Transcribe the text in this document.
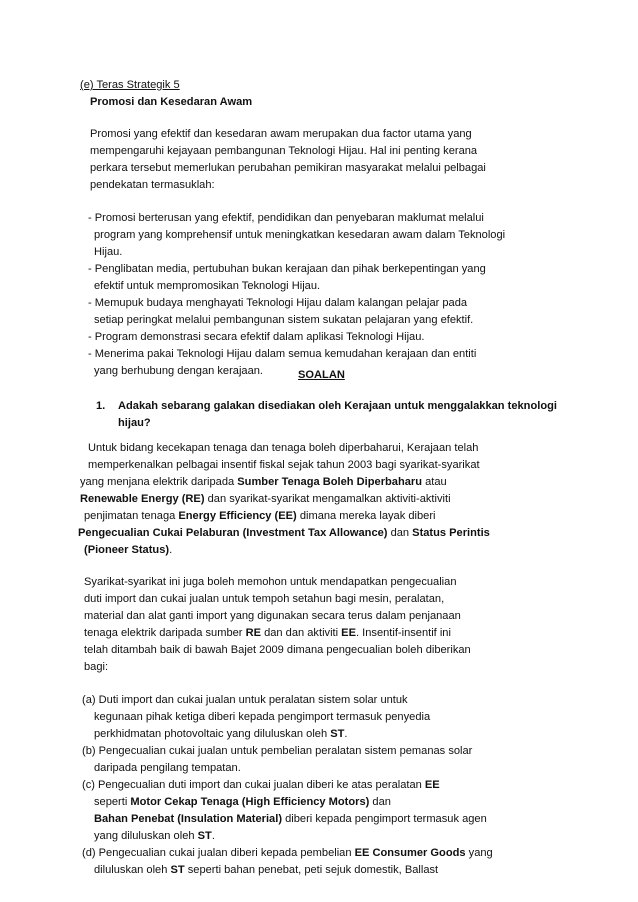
(e) Teras Strategik 5
Promosi dan Kesedaran Awam
Promosi yang efektif dan kesedaran awam merupakan dua factor utama yang
mempengaruhi kejayaan pembangunan Teknologi Hijau. Hal ini penting kerana
perkara tersebut memerlukan perubahan pemikiran masyarakat melalui pelbagai
pendekatan termasuklah:
- Promosi berterusan yang efektif, pendidikan dan penyebaran maklumat melalui
program yang komprehensif untuk meningkatkan kesedaran awam dalam Teknologi
Hijau.
- Penglibatan media, pertubuhan bukan kerajaan dan pihak berkepentingan yang
efektif untuk mempromosikan Teknologi Hijau.
- Memupuk budaya menghayati Teknologi Hijau dalam kalangan pelajar pada
setiap peringkat melalui pembangunan sistem sukatan pelajaran yang efektif.
- Program demonstrasi secara efektif dalam aplikasi Teknologi Hijau.
- Menerima pakai Teknologi Hijau dalam semua kemudahan kerajaan dan entiti
yang berhubung dengan kerajaan.	SOALAN
1. Adakah sebarang galakan disediakan oleh Kerajaan untuk menggalakkan teknologi
hijau?
Untuk bidang kecekapan tenaga dan tenaga boleh diperbaharui, Kerajaan telah
memperkenalkan pelbagai insentif fiskal sejak tahun 2003 bagi syarikat-syarikat
yang menjana elektrik daripada Sumber Tenaga Boleh Diperbaharu atau
Renewable Energy (RE) dan syarikat-syarikat mengamalkan aktiviti-aktiviti
penjimatan tenaga Energy Efficiency (EE) dimana mereka layak diberi
Pengecualian Cukai Pelaburan (Investment Tax Allowance) dan Status Perintis
(Pioneer Status).
Syarikat-syarikat ini juga boleh memohon untuk mendapatkan pengecualian
duti import dan cukai jualan untuk tempoh setahun bagi mesin, peralatan,
material dan alat ganti import yang digunakan secara terus dalam penjanaan
tenaga elektrik daripada sumber RE dan dan aktiviti EE. Insentif-insentif ini
telah ditambah baik di bawah Bajet 2009 dimana pengecualian boleh diberikan
bagi:
(a) Duti import dan cukai jualan untuk peralatan sistem solar untuk
kegunaan pihak ketiga diberi kepada pengimport termasuk penyedia
perkhidmatan photovoltaic yang diluluskan oleh ST.
(b) Pengecualian cukai jualan untuk pembelian peralatan sistem pemanas solar
daripada pengilang tempatan.
(c) Pengecualian duti import dan cukai jualan diberi ke atas peralatan EE
seperti Motor Cekap Tenaga (High Efficiency Motors) dan
Bahan Penebat (Insulation Material) diberi kepada pengimport termasuk agen
yang diluluskan oleh ST.
(d) Pengecualian cukai jualan diberi kepada pembelian EE Consumer Goods yang
diluluskan oleh ST seperti bahan penebat, peti sejuk domestik, Ballast
